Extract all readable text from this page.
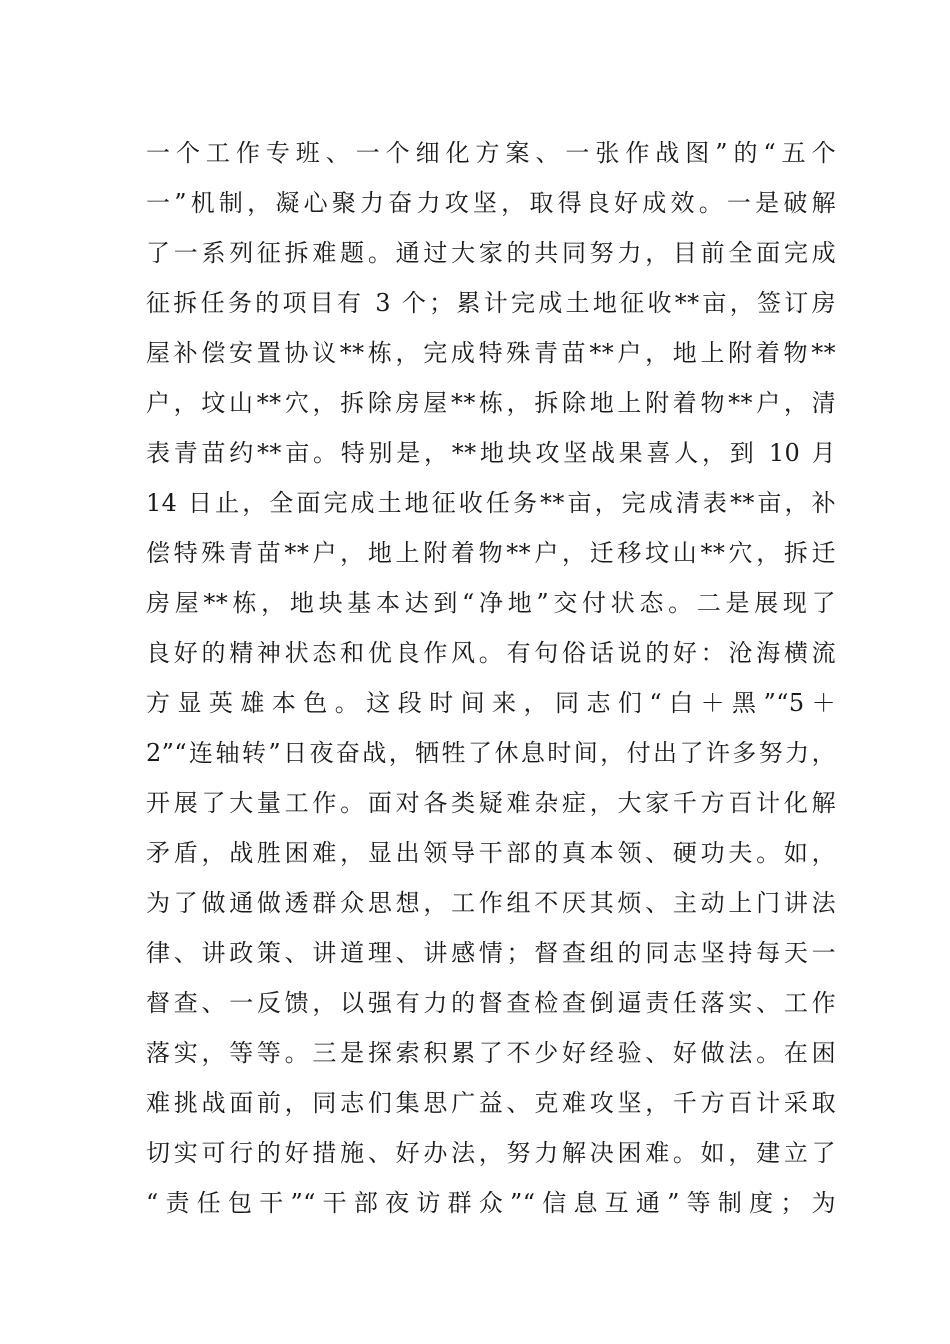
一个工作专班、一个细化方案、一张作战图”的“五个
一”机制，凝心聚力奋力攻坚，取得良好成效。一是破解
了一系列征拆难题。通过大家的共同努力，目前全面完成
征拆任务的项目有 3 个；累计完成土地征收**亩，签订房
屋补偿安置协议**栋，完成特殊青苗**户，地上附着物**
户，坟山**穴，拆除房屋**栋，拆除地上附着物**户，清
表青苗约**亩。特别是，**地块攻坚战果喜人，到 10 月
14 日止，全面完成土地征收任务**亩，完成清表**亩，补
偿特殊青苗**户，地上附着物**户，迁移坟山**穴，拆迁
房屋**栋，地块基本达到“净地”交付状态。二是展现了
良好的精神状态和优良作风。有句俗话说的好：沧海横流
方显英雄本色。这段时间来，同志们“白＋黑”“5＋
2”“连轴转”日夜奋战，牺牲了休息时间，付出了许多努力，
开展了大量工作。面对各类疑难杂症，大家千方百计化解
矛盾，战胜困难，显出领导干部的真本领、硬功夫。如，
为了做通做透群众思想，工作组不厌其烦、主动上门讲法
律、讲政策、讲道理、讲感情；督查组的同志坚持每天一
督查、一反馈，以强有力的督查检查倒逼责任落实、工作
落实，等等。三是探索积累了不少好经验、好做法。在困
难挑战面前，同志们集思广益、克难攻坚，千方百计采取
切实可行的好措施、好办法，努力解决困难。如，建立了
“责任包干”“干部夜访群众”“信息互通”等制度；为
